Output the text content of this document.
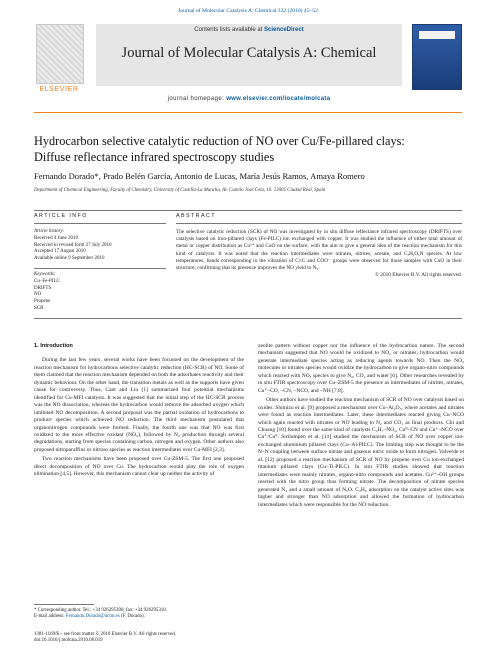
Journal of Molecular Catalysis A: Chemical 332 (2010) 45–52
ELSEVIER
Contents lists available at ScienceDirect
Journal of Molecular Catalysis A: Chemical
journal homepage: www.elsevier.com/locate/molcata
Hydrocarbon selective catalytic reduction of NO over Cu/Fe-pillared clays:
Diffuse reflectance infrared spectroscopy studies
Fernando Dorado*, Prado Belén García, Antonio de Lucas, María Jesús Ramos, Amaya Romero
Department of Chemical Engineering, Faculty of Chemistry, University of Castilla-La Mancha, Av. Camilo José Cela, 10. 13005 Ciudad Real, Spain
ARTICLE INFO	ABSTRACT
Article history:
Received 4 June 2010
Received in revised form 27 July 2010
Accepted 17 August 2010
Available online 9 September 2010
Keywords:
Cu–Fe-PILC
DRIFTS
NO
Propene
SCR
The selective catalytic reduction (SCR) of NO was investigated by in situ diffuse reflectance infrared spectroscopy (DRIFTS) over catalysts based on iron-pillared clays (Fe-PILC) ion exchanged with copper. It was studied the influence of either total amount of metal or copper distribution as Cu²⁺ and CuO on the surface, with the aim to give a general idea of the reaction mechanism for this kind of catalysts. It was noted that the reaction intermediates were nitrates, nitrites, acetate, and CₓHᵧOₓN species. At low temperatures, bands corresponding to the vibration of C≡C and COO⁻ groups were observed for those samples with CuO in their structure, confirming that its presence improves the NO yield to N₂.
© 2010 Elsevier B.V. All rights reserved.
1. Introduction

During the last few years, several works have been focussed on the development of the reaction mechanism for hydrocarbons selective catalytic reduction (HC-SCR) of NO. Some of them claimed that the reaction mechanism depended on both the adsorbates reactivity and their dynamic behaviour. On the other hand, the transition metals as well as the supports have given cause for controversy. Thus, Cant and Liu [1] summarized four potential mechanisms identified for Cu-MFI catalysts. It was suggested that the initial step of the HC-SCR process was the NO dissociation, whereas the hydrocarbon would remove the adsorbed oxygen which inhibited NO decomposition. A second proposal was the partial oxidation of hydrocarbons to produce species which achieved NO reduction. The third mechanism postulated that organonitrogen compounds were formed. Finally, the fourth one was that NO was first oxidized to the more effective oxidant (NO₂), followed by N₂ production through several degradations, starting from species containing carbon, nitrogen and oxygen. Other authors also proposed nitroparaffins or nitroso species as reaction intermediates over Cu-MFI [2,3].

Two reaction mechanisms have been proposed over Cu-ZSM-5. The first one proposed direct decomposition of NO over Cu. The hydrocarbon would play the role of oxygen elimination [4,5]. However, this mechanism cannot clear up neither the activity of

zeolite pattern without copper nor the influence of the hydrocarbon nature. The second mechanism suggested that NO would be oxidized to NO₂ or nitrates; hydrocarbon would generate intermediate species acting as reducing agents towards NO. Then the NO₂ molecules or nitrates species would oxidize the hydrocarbon to give organo-nitro compounds which reacted with NOₓ species to give N₂, CO₂ and water [6]. Other researches revealed by in situ FTIR spectroscopy over Cu–ZSM-5 the presence as intermediates of nitrites, nitrates, Cu⁺–CO, –CN, –NCO, and –NH [7,8].

Other authors have studied the reaction mechanism of SCR of NO over catalysts based on oxides. Shimizu et al. [9] proposed a mechanism over Cu–Al₂O₃, where acetates and nitrates were found as reaction intermediates. Later, these intermediates reacted giving Cu–NCO which again reacted with nitrates or NO leading to N₂ and CO₂ as final products. Chi and Chuang [10] found over the same kind of catalysts C₃H₇–NO₂, Cu⁰–CN and Cu⁺–NCO over Cu⁺/Cu⁰. Sirilumpen et al. [11] studied the mechanism of SCR of NO over copper ion-exchanged aluminium pillared clays (Cu–Al-PILC). The limiting step was thought to be the N–N coupling between surface nitrate and gaseous nitric oxide to form nitrogen. Valverde et al. [12] proposed a reaction mechanism of SCR of NO by propene over Cu ion-exchanged titanium pillared clays (Cu–Ti-PILC). In situ FTIR studies showed that reaction intermediates were mainly nitrates, organo-nitro compounds and acetates. Cu²⁺–OH groups reacted with the nitro group thus forming nitrate. The decomposition of nitrate species generated N₂ and a small amount of N₂O. C₃H₆ adsorption on the catalyst active sites was higher and stronger than NO adsorption and allowed the formation of hydrocarbon intermediates which were responsible for the NO reduction.

* Corresponding author. Tel.: +34 926295300; fax: +34 926295318.
E-mail address: Fernando.Dorado@uclm.es (F. Dorado).
1381-1169/$ – see front matter © 2010 Elsevier B.V. All rights reserved.
doi:10.1016/j.molcata.2010.08.019
